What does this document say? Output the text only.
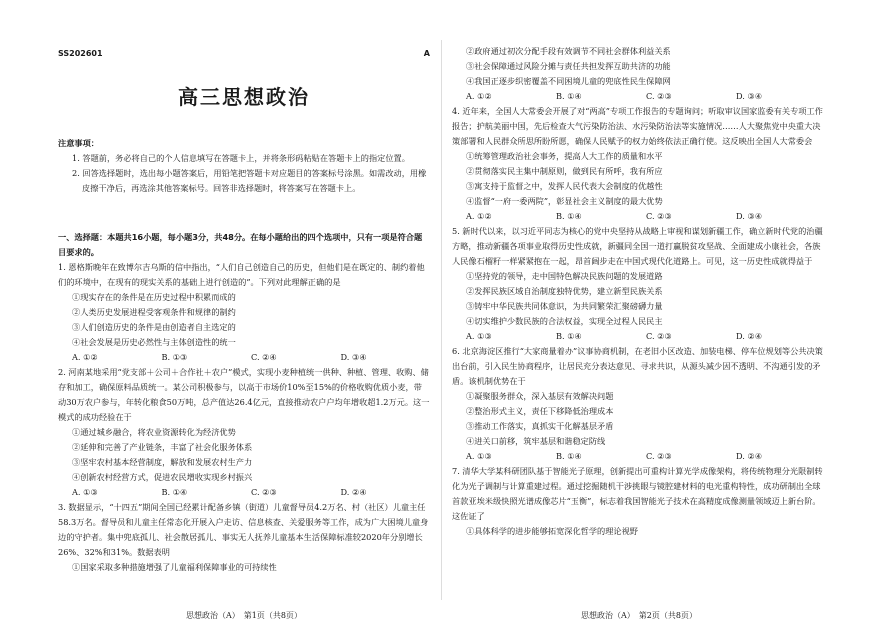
SS202601	A
高三思想政治
注意事项：
1. 答题前，务必将自己的个人信息填写在答题卡上，并将条形码粘贴在答题卡上的指定位置。
2. 回答选择题时，选出每小题答案后，用铅笔把答题卡对应题目的答案标号涂黑。如需改动，用橡皮擦干净后，再选涂其他答案标号。回答非选择题时，将答案写在答题卡上。
一、选择题：本题共16小题，每小题3分，共48分。在每小题给出的四个选项中，只有一项是符合题目要求的。

1. 恩格斯晚年在致博尔吉乌斯的信中指出，“人们自己创造自己的历史，但他们是在既定的、制约着他们的环境中，在现有的现实关系的基础上进行创造的”。下列对此理解正确的是

①现实存在的条件是在历史过程中积累而成的

②人类历史发展进程受客观条件和规律的制约

③人们创造历史的条件是由创造者自主选定的

④社会发展是历史必然性与主体创造性的统一

A. ①②	B. ①③	C. ②④	D. ③④

2. 河南某地采用“党支部＋公司＋合作社＋农户”模式，实现小麦种植统一供种、种植、管理、收购、储存和加工，确保原料品质统一。某公司积极参与，以高于市场价10%至15%的价格收购优质小麦，带动30万农户参与，年转化粮食50万吨，总产值达26.4亿元，直接推动农户户均年增收超1.2万元。这一模式的成功经验在于

①通过城乡融合，将农业资源转化为经济优势

②延伸和完善了产业链条，丰富了社会化服务体系

③坚牢农村基本经营制度，解放和发展农村生产力

④创新农村经营方式，促进农民增收实现乡村振兴

A. ①③	B. ①④	C. ②③	D. ②④

3. 数据显示，“十四五”期间全国已经累计配备乡镇（街道）儿童督导员4.2万名、村（社区）儿童主任58.3万名。督导员和儿童主任常态化开展入户走访、信息核查、关爱服务等工作，成为广大困境儿童身边的守护者。集中兜底孤儿、社会散居孤儿、事实无人抚养儿童基本生活保障标准较2020年分别增长26%、32%和31%。数据表明

①国家采取多种措施增强了儿童福利保障事业的可持续性

思想政治（A）　第1页（共8页）

②政府通过初次分配手段有效调节不同社会群体利益关系

③社会保障通过风险分摊与责任共担发挥互助共济的功能

④我国正逐步织密覆盖不同困境儿童的兜底性民生保障网

A. ①②	B. ①④	C. ②③	D. ③④

4. 近年来，全国人大常委会开展了对“两高”专项工作报告的专题询问；听取审议国家监委有关专项工作报告；护航美丽中国，先后检查大气污染防治法、水污染防治法等实施情况……人大聚焦党中央重大决策部署和人民群众所思所盼所愿，确保人民赋予的权力始终依法正确行使。这反映出全国人大常委会

①统筹管理政治社会事务，提高人大工作的质量和水平

②贯彻落实民主集中制原则，做到民有所呼，我有所应

③寓支持于监督之中，发挥人民代表大会制度的优越性

④监督“一府一委两院”，彰显社会主义制度的最大优势

A. ①②	B. ①④	C. ②③	D. ③④

5. 新时代以来，以习近平同志为核心的党中央坚持从战略上审视和谋划新疆工作，确立新时代党的治疆方略，推动新疆各项事业取得历史性成就，新疆同全国一道打赢脱贫攻坚战、全面建成小康社会，各族人民像石榴籽一样紧紧抱在一起，昂首阔步走在中国式现代化道路上。可见，这一历史性成就得益于

①坚持党的领导，走中国特色解决民族问题的发展道路

②发挥民族区域自治制度独特优势，建立新型民族关系

③铸牢中华民族共同体意识，为共同繁荣汇聚磅礴力量

④切实维护少数民族的合法权益，实现全过程人民民主

A. ①③	B. ①④	C. ②③	D. ②④

6. 北京海淀区推行“大家商量着办”议事协商机制，在老旧小区改造、加装电梯、停车位规划等公共决策出台前，引入民生协商程序，让居民充分表达意见、寻求共识，从源头减少因不透明、不沟通引发的矛盾。该机制优势在于

①凝聚服务群众，深入基层有效解决问题

②整治形式主义，责任下移降低治理成本

③推动工作落实，真抓实干化解基层矛盾

④进关口前移，筑牢基层和谐稳定防线

A. ①③	B. ①④	C. ②③	D. ②④

7. 清华大学某科研团队基于智能光子原理，创新提出可重构计算光学成像架构，将传统物理分光限制转化为光子调制与计算重建过程。通过挖掘随机干涉挑眼与镜腔建材料的电光重构特性，成功研制出全球首款亚埃米级快照光谱成像芯片“玉衡”，标志着我国智能光子技术在高精度成像测量领域迈上新台阶。这佐证了

①具体科学的进步能够拓宽深化哲学的理论视野

思想政治（A）　第2页（共8页）
